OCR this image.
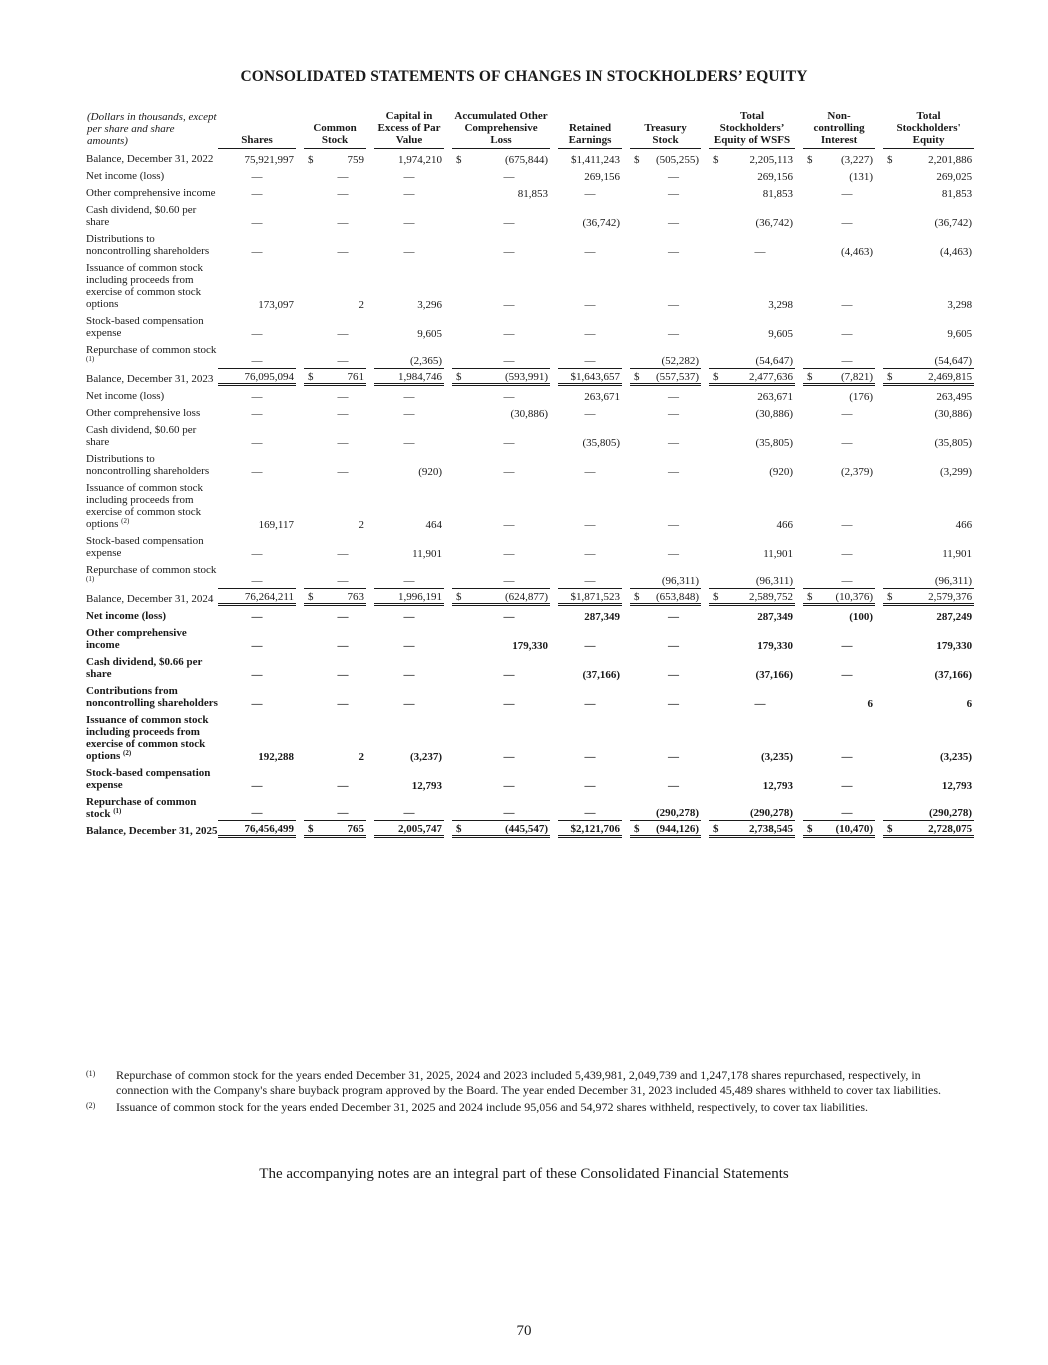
CONSOLIDATED STATEMENTS OF CHANGES IN STOCKHOLDERS’ EQUITY
(Dollars in thousands, except per share and share amounts)	Shares		Common Stock			Capital in Excess of Par Value		Accumulated Other Comprehensive Loss			Retained Earnings		Treasury Stock			Total Stockholders’ Equity of WSFS			Non-controlling Interest			Total Stockholders' Equity	
Balance, December 31, 2022	75,921,997		$	759		1,974,210		$	(675,844)		$1,411,243		$	(505,255)		$	2,205,113		$	(3,227)		$	2,201,886
Net income (loss)	—			—		—			—		269,156			—			269,156			(131)			269,025
Other comprehensive income	—			—		—			81,853		—			—			81,853			—			81,853
Cash dividend, $0.60 per share	—			—		—			—		(36,742)			—			(36,742)			—			(36,742)
Distributions to noncontrolling shareholders	—			—		—			—		—			—			—			(4,463)			(4,463)
Issuance of common stock including proceeds from exercise of common stock options	173,097			2		3,296			—		—			—			3,298			—			3,298
Stock-based compensation expense	—			—		9,605			—		—			—			9,605			—			9,605
Repurchase of common stock $^{(1)}$	—			—		(2,365)			—		—			(52,282)			(54,647)			—			(54,647)
Balance, December 31, 2023	76,095,094		$	761		1,984,746		$	(593,991)		$1,643,657		$	(557,537)		$	2,477,636		$	(7,821)		$	2,469,815
Net income (loss)	—			—		—			—		263,671			—			263,671			(176)			263,495
Other comprehensive loss	—			—		—			(30,886)		—			—			(30,886)			—			(30,886)
Cash dividend, $0.60 per share	—			—		—			—		(35,805)			—			(35,805)			—			(35,805)
Distributions to noncontrolling shareholders	—			—		(920)			—		—			—			(920)			(2,379)			(3,299)
Issuance of common stock including proceeds from exercise of common stock options $^{(2)}$	169,117			2		464			—		—			—			466			—			466
Stock-based compensation expense	—			—		11,901			—		—			—			11,901			—			11,901
Repurchase of common stock $^{(1)}$	—			—		—			—		—			(96,311)			(96,311)			—			(96,311)
Balance, December 31, 2024	76,264,211		$	763		1,996,191		$	(624,877)		$1,871,523		$	(653,848)		$	2,589,752		$	(10,376)		$	2,579,376
Net income (loss)	—			—		—			—		287,349			—			287,349			(100)			287,249
Other comprehensive income	—			—		—			179,330		—			—			179,330			—			179,330
Cash dividend, $0.66 per share	—			—		—			—		(37,166)			—			(37,166)			—			(37,166)
Contributions from noncontrolling shareholders	—			—		—			—		—			—			—			6			6
Issuance of common stock including proceeds from exercise of common stock options $^{(2)}$	192,288			2		(3,237)			—		—			—			(3,235)			—			(3,235)
Stock-based compensation expense	—			—		12,793			—		—			—			12,793			—			12,793
Repurchase of common stock $^{(1)}$	—			—		—			—		—			(290,278)			(290,278)			—			(290,278)
Balance, December 31, 2025	76,456,499		$	765		2,005,747		$	(445,547)		$2,121,706		$	(944,126)		$	2,738,545		$	(10,470)		$	2,728,075
(1)	Repurchase of common stock for the years ended December 31, 2025, 2024 and 2023 included 5,439,981, 2,049,739 and 1,247,178 shares repurchased, respectively, in connection with the Company's share buyback program approved by the Board. The year ended December 31, 2023 included 45,489 shares withheld to cover tax liabilities.
(2)	Issuance of common stock for the years ended December 31, 2025 and 2024 include 95,056 and 54,972 shares withheld, respectively, to cover tax liabilities.
The accompanying notes are an integral part of these Consolidated Financial Statements
70
